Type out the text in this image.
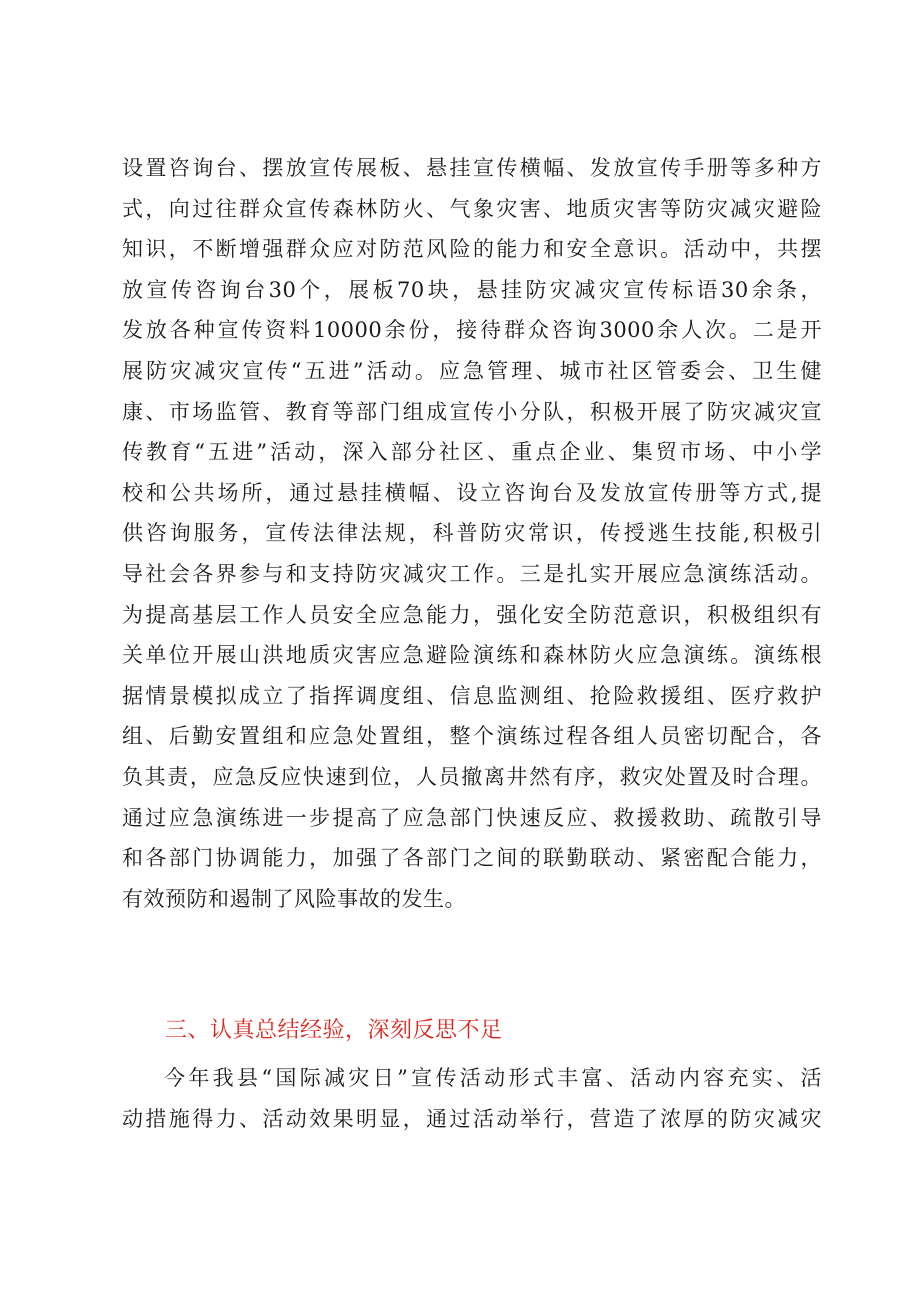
设置咨询台、摆放宣传展板、悬挂宣传横幅、发放宣传手册等多种方
式，向过往群众宣传森林防火、气象灾害、地质灾害等防灾减灾避险
知识，不断增强群众应对防范风险的能力和安全意识。活动中，共摆
放宣传咨询台30个，展板70块，悬挂防灾减灾宣传标语30余条，
发放各种宣传资料10000余份，接待群众咨询3000余人次。二是开
展防灾减灾宣传“五进”活动。应急管理、城市社区管委会、卫生健
康、市场监管、教育等部门组成宣传小分队，积极开展了防灾减灾宣
传教育“五进”活动，深入部分社区、重点企业、集贸市场、中小学
校和公共场所，通过悬挂横幅、设立咨询台及发放宣传册等方式,提
供咨询服务，宣传法律法规，科普防灾常识，传授逃生技能,积极引
导社会各界参与和支持防灾减灾工作。三是扎实开展应急演练活动。
为提高基层工作人员安全应急能力，强化安全防范意识，积极组织有
关单位开展山洪地质灾害应急避险演练和森林防火应急演练。演练根
据情景模拟成立了指挥调度组、信息监测组、抢险救援组、医疗救护
组、后勤安置组和应急处置组，整个演练过程各组人员密切配合，各
负其责，应急反应快速到位，人员撤离井然有序，救灾处置及时合理。
通过应急演练进一步提高了应急部门快速反应、救援救助、疏散引导
和各部门协调能力，加强了各部门之间的联勤联动、紧密配合能力，
有效预防和遏制了风险事故的发生。
三、认真总结经验，深刻反思不足
今年我县“国际减灾日”宣传活动形式丰富、活动内容充实、活
动措施得力、活动效果明显，通过活动举行，营造了浓厚的防灾减灾
